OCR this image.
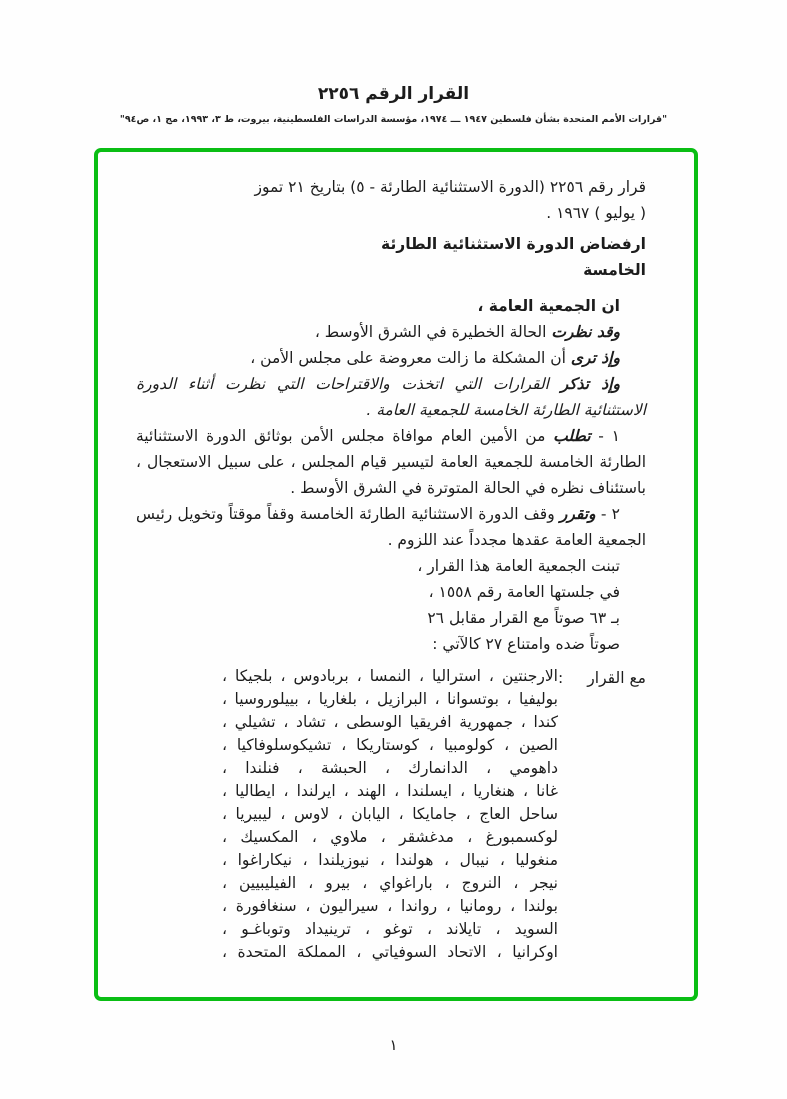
القرار الرقم ٢٢٥٦
"قرارات الأمم المتحدة بشأن فلسطين ١٩٤٧ ـــ ١٩٧٤، مؤسسة الدراسات الفلسطينية، بيروت، ط ٣، ١٩٩٣، مج ١، ص٩٤"

قرار رقم ٢٢٥٦ (الدورة الاستثنائية الطارئة - ٥) بتاريخ ٢١ تموز

( يوليو ) ١٩٦٧ .

ارفضاض الدورة الاستثنائية الطارئة

الخامسة

ان الجمعية العامة ،

وقد نظرت الحالة الخطيرة في الشرق الأوسط ،

وإذ ترى أن المشكلة ما زالت معروضة على مجلس الأمن ،

وإذ تذكر القرارات التي اتخذت والاقتراحات التي نظرت أثناء الدورة الاستثنائية الطارئة الخامسة للجمعية العامة .

١ - تطلب من الأمين العام موافاة مجلس الأمن بوثائق الدورة الاستثنائية الطارئة الخامسة للجمعية العامة لتيسير قيام المجلس ، على سبيل الاستعجال ، باستئناف نظره في الحالة المتوترة في الشرق الأوسط .

٢ - وتقرر وقف الدورة الاستثنائية الطارئة الخامسة وقفاً موقتاً وتخويل رئيس الجمعية العامة عقدها مجدداً عند اللزوم .

تبنت الجمعية العامة هذا القرار ،

في جلستها العامة رقم ١٥٥٨ ،

بـ ٦٣ صوتاً مع القرار مقابل ٢٦

صوتاً ضده وامتناع ٢٧ كالآتي :

مع القرار
:
الارجنتين ، استراليا ، النمسا ، بربادوس ، بلجيكا ،
بوليفيا ، بوتسوانا ، البرازيل ، بلغاريا ، بييلوروسيا ،
كندا ، جمهورية افريقيا الوسطى ، تشاد ، تشيلي ،
الصين ، كولومبيا ، كوستاريكا ، تشيكوسلوفاكيا ،
داهومي ، الدانمارك ، الحبشة ، فنلندا ،
غانا ، هنغاريا ، ايسلندا ، الهند ، ايرلندا ، ايطاليا ،
ساحل العاج ، جامايكا ، اليابان ، لاوس ، ليبيريا ،
لوكسمبورغ ، مدغشقر ، ملاوي ، المكسيك ،
منغوليا ، نيبال ، هولندا ، نيوزيلندا ، نيكاراغوا ،
نيجر ، النروج ، باراغواي ، بيرو ، الفيليبيين ،
بولندا ، رومانيا ، رواندا ، سيراليون ، سنغافورة ،
السويد ، تايلاند ، توغو ، ترينيداد وتوباغـو ،
اوكرانيا ، الاتحاد السوفياتي ، المملكة المتحدة ،
١
